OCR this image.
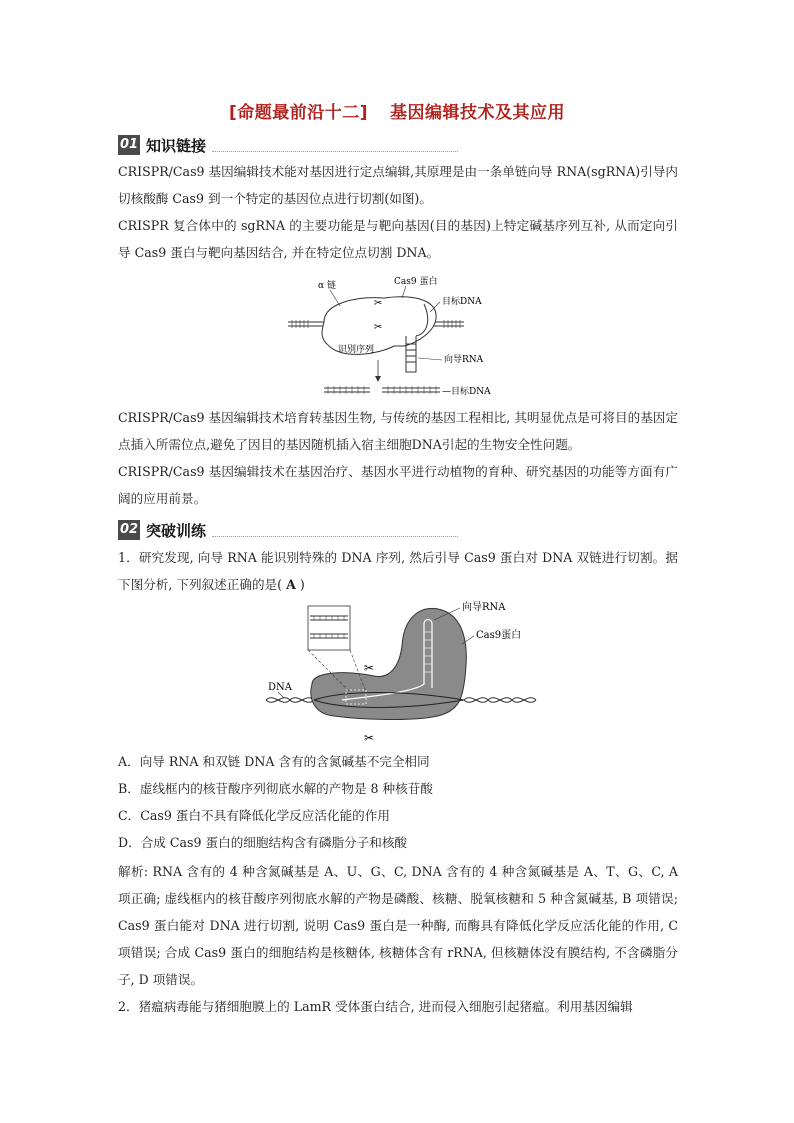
[命题最前沿十二] 基因编辑技术及其应用
01 知识链接

CRISPR/Cas9 基因编辑技术能对基因进行定点编辑,其原理是由一条单链向导 RNA(sgRNA)引导内切核酸酶 Cas9 到一个特定的基因位点进行切割(如图)。

CRISPR 复合体中的 sgRNA 的主要功能是与靶向基因(目的基因)上特定碱基序列互补, 从而定向引导 Cas9 蛋白与靶向基因结合, 并在特定位点切割 DNA。

✂
✂
α 链	Cas9 蛋白
目标DNA
识别序列
向导RNA
—目标DNA

CRISPR/Cas9 基因编辑技术培育转基因生物, 与传统的基因工程相比, 其明显优点是可将目的基因定点插入所需位点,避免了因目的基因随机插入宿主细胞DNA引起的生物安全性问题。

CRISPR/Cas9 基因编辑技术在基因治疗、基因水平进行动植物的育种、研究基因的功能等方面有广阔的应用前景。

02 突破训练

1．研究发现, 向导 RNA 能识别特殊的 DNA 序列, 然后引导 Cas9 蛋白对 DNA 双链进行切割。据下图分析, 下列叙述正确的是( A )

✂
✂
向导RNA
Cas9蛋白
DNA
A．向导 RNA 和双链 DNA 含有的含氮碱基不完全相同
B．虚线框内的核苷酸序列彻底水解的产物是 8 种核苷酸
C．Cas9 蛋白不具有降低化学反应活化能的作用
D．合成 Cas9 蛋白的细胞结构含有磷脂分子和核酸

解析: RNA 含有的 4 种含氮碱基是 A、U、G、C, DNA 含有的 4 种含氮碱基是 A、T、G、C, A 项正确; 虚线框内的核苷酸序列彻底水解的产物是磷酸、核糖、脱氧核糖和 5 种含氮碱基, B 项错误; Cas9 蛋白能对 DNA 进行切割, 说明 Cas9 蛋白是一种酶, 而酶具有降低化学反应活化能的作用, C 项错误; 合成 Cas9 蛋白的细胞结构是核糖体, 核糖体含有 rRNA, 但核糖体没有膜结构, 不含磷脂分子, D 项错误。

2．猪瘟病毒能与猪细胞膜上的 LamR 受体蛋白结合, 进而侵入细胞引起猪瘟。利用基因编辑
